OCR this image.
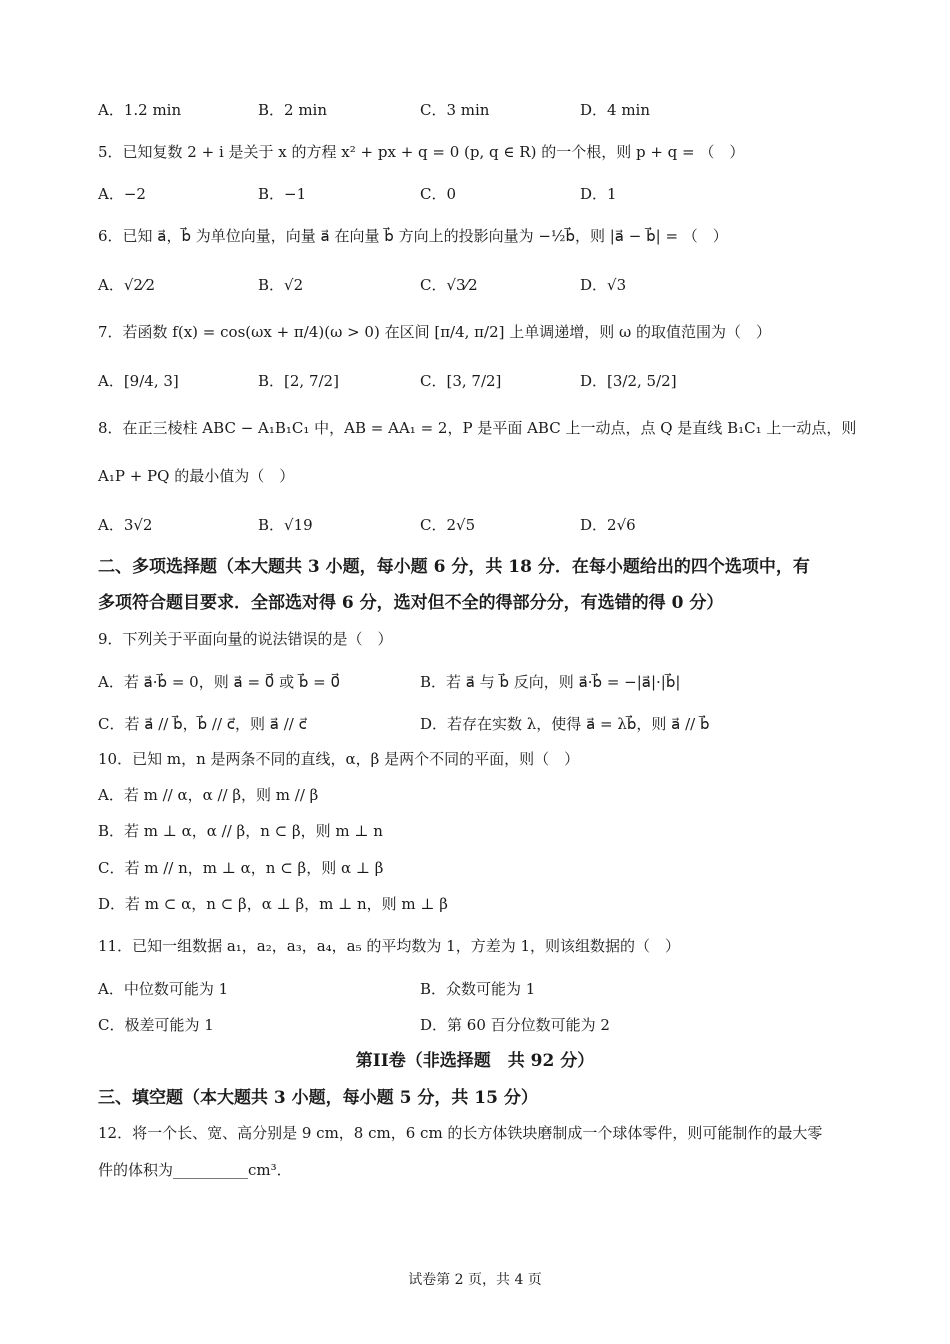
A．1.2 min	B．2 min	C．3 min	D．4 min
5．已知复数 2 + i 是关于 x 的方程 x² + px + q = 0 (p, q ∈ R) 的一个根，则 p + q = （　）
A．−2	B．−1	C．0	D．1
6．已知 a⃗，b⃗ 为单位向量，向量 a⃗ 在向量 b⃗ 方向上的投影向量为 −½b⃗，则 |a⃗ − b⃗| = （　）
A．√2⁄2	B．√2	C．√3⁄2	D．√3
7．若函数 f(x) = cos(ωx + π/4)(ω > 0) 在区间 [π/4, π/2] 上单调递增，则 ω 的取值范围为（　）
A．[9/4, 3]	B．[2, 7/2]	C．[3, 7/2]	D．[3/2, 5/2]
8．在正三棱柱 ABC − A₁B₁C₁ 中，AB = AA₁ = 2，P 是平面 ABC 上一动点，点 Q 是直线 B₁C₁ 上一动点，则
A₁P + PQ 的最小值为（　）
A．3√2	B．√19	C．2√5	D．2√6
二、多项选择题（本大题共 3 小题，每小题 6 分，共 18 分．在每小题给出的四个选项中，有
多项符合题目要求．全部选对得 6 分，选对但不全的得部分分，有选错的得 0 分）
9．下列关于平面向量的说法错误的是（　）
A．若 a⃗·b⃗ = 0，则 a⃗ = 0⃗ 或 b⃗ = 0⃗	B．若 a⃗ 与 b⃗ 反向，则 a⃗·b⃗ = −|a⃗|·|b⃗|
C．若 a⃗ // b⃗，b⃗ // c⃗，则 a⃗ // c⃗	D．若存在实数 λ，使得 a⃗ = λb⃗，则 a⃗ // b⃗
10．已知 m，n 是两条不同的直线，α，β 是两个不同的平面，则（　）
A．若 m // α，α // β，则 m // β
B．若 m ⊥ α，α // β，n ⊂ β，则 m ⊥ n
C．若 m // n，m ⊥ α，n ⊂ β，则 α ⊥ β
D．若 m ⊂ α，n ⊂ β，α ⊥ β，m ⊥ n，则 m ⊥ β
11．已知一组数据 a₁，a₂，a₃，a₄，a₅ 的平均数为 1，方差为 1，则该组数据的（　）
A．中位数可能为 1	B．众数可能为 1
C．极差可能为 1	D．第 60 百分位数可能为 2
第II卷（非选择题　共 92 分）
三、填空题（本大题共 3 小题，每小题 5 分，共 15 分）
12．将一个长、宽、高分别是 9 cm，8 cm，6 cm 的长方体铁块磨制成一个球体零件，则可能制作的最大零
件的体积为__________cm³．
试卷第 2 页，共 4 页
